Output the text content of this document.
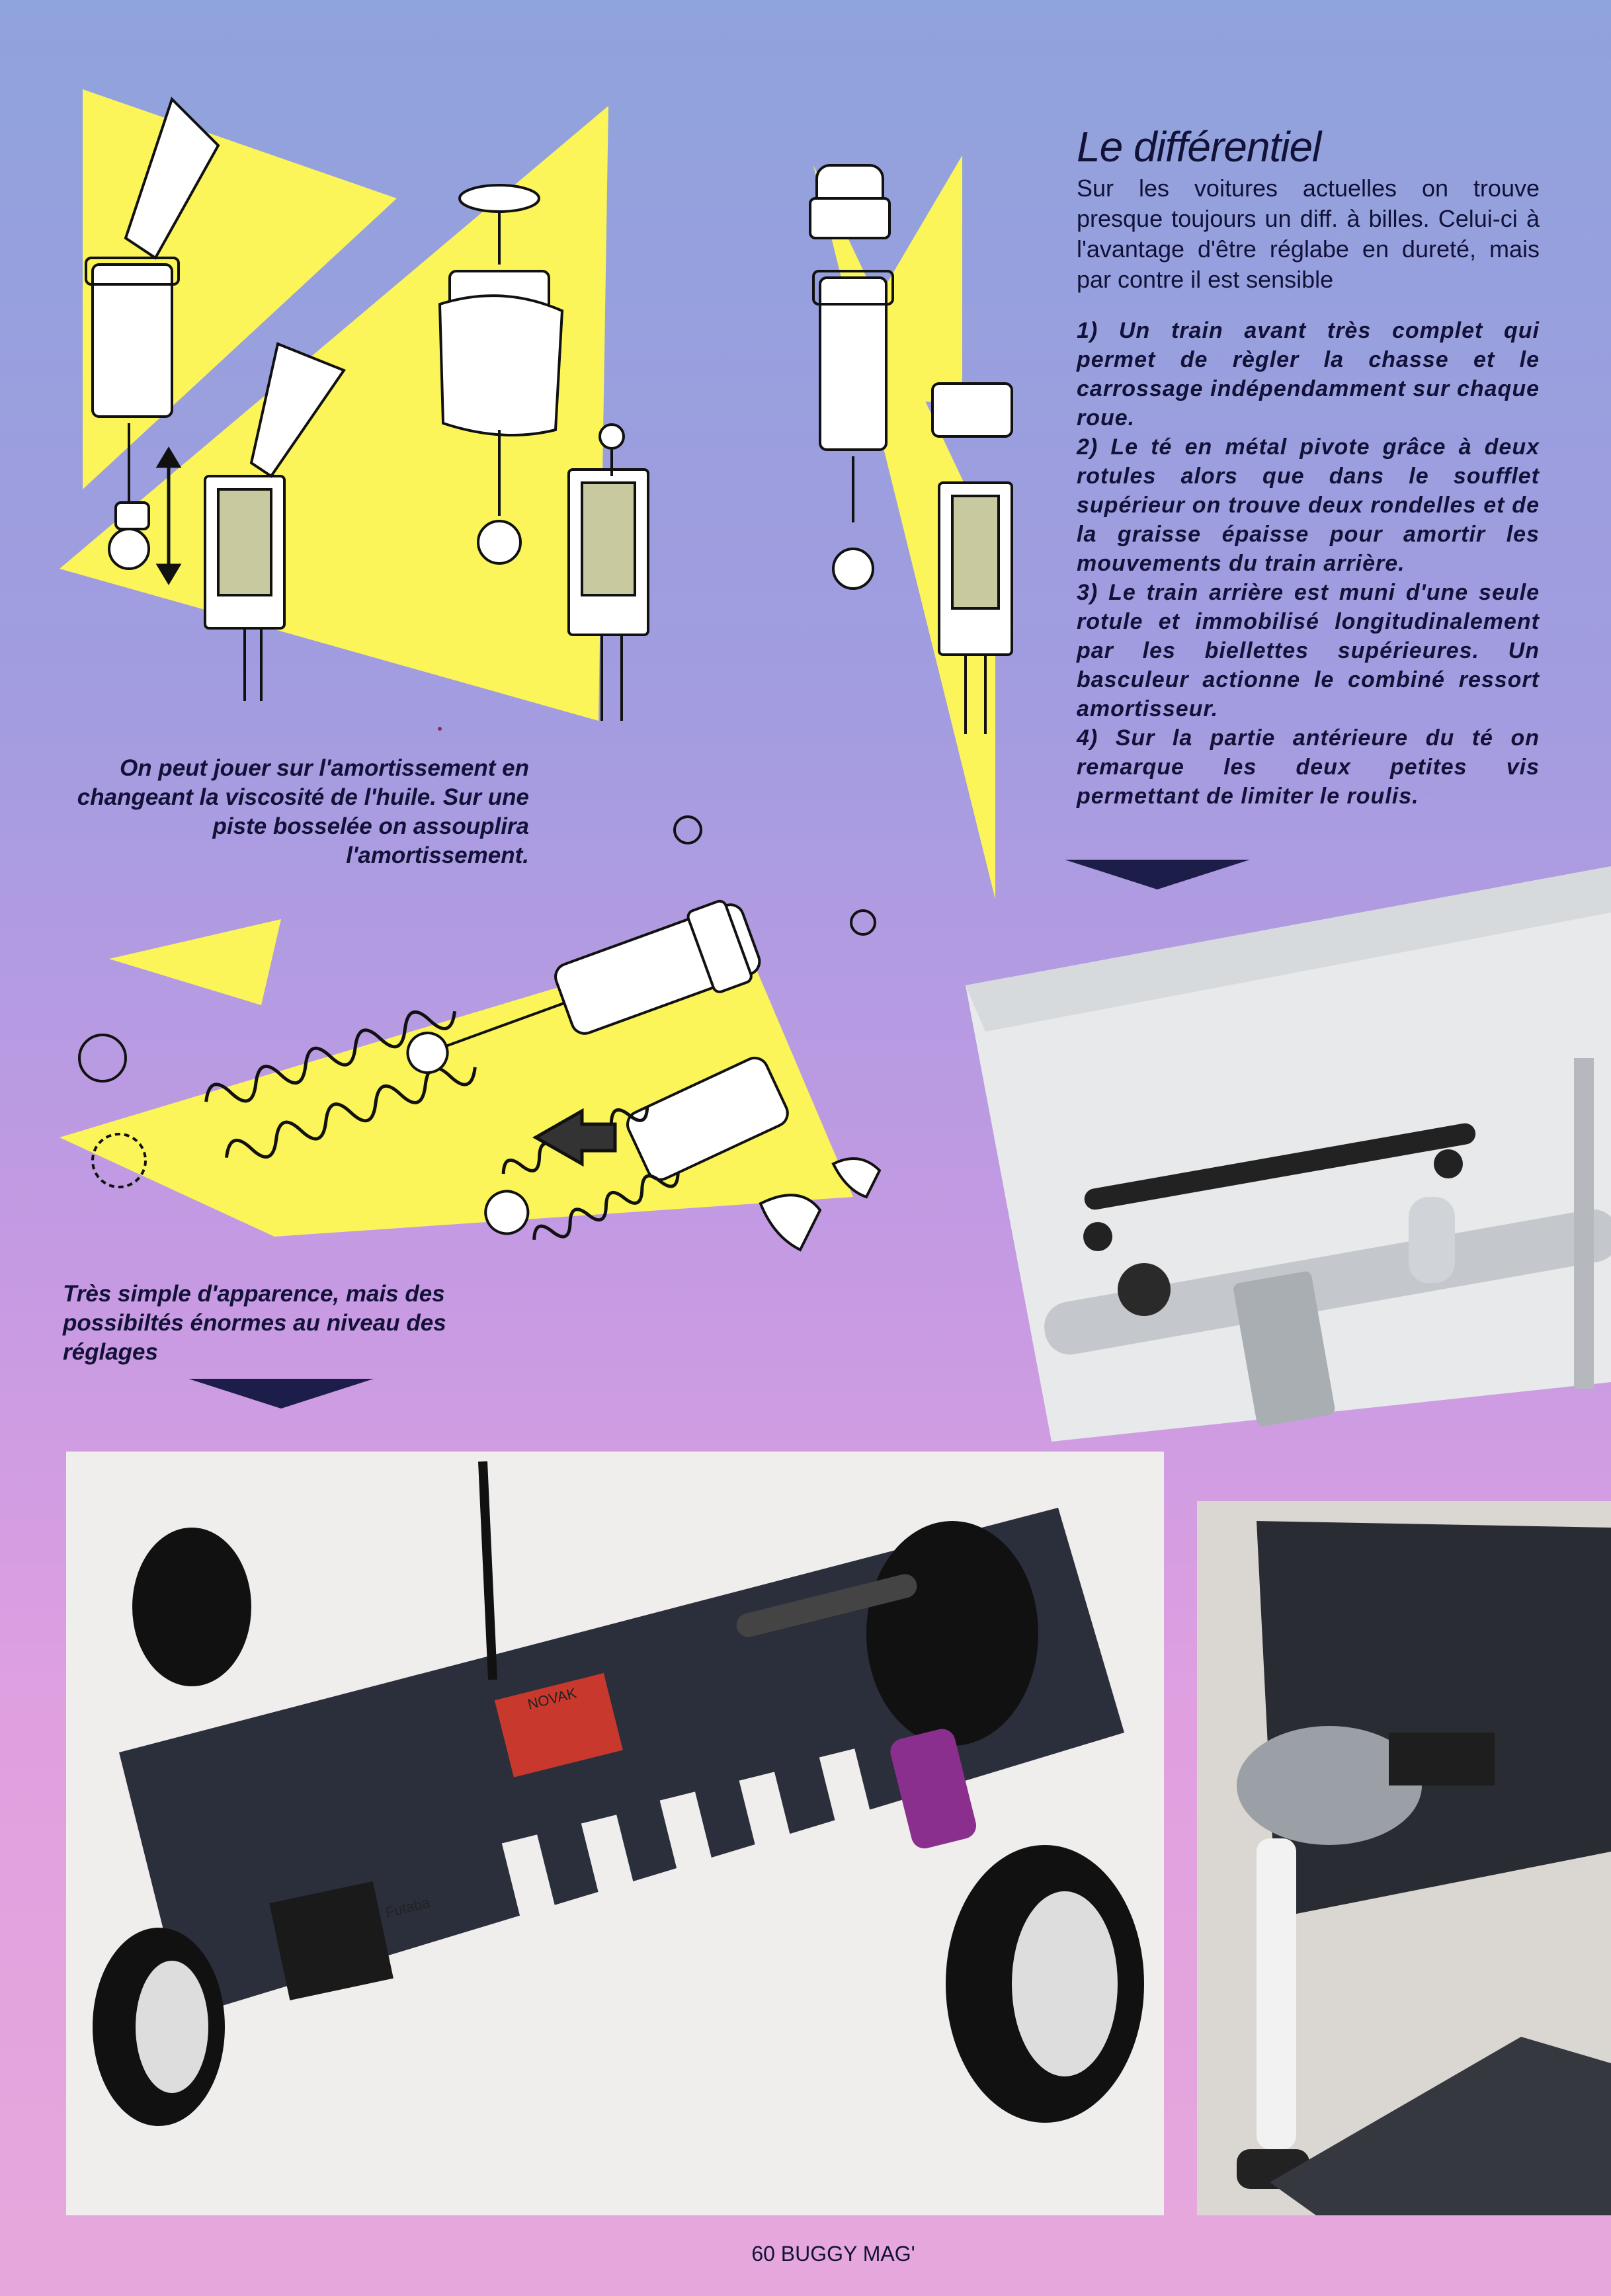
NOVAK
Futaba
Le différentiel
Sur les voitures actuelles on trouve presque toujours un diff. à billes. Celui-ci à l'avantage d'être réglabe en dureté, mais par contre il est sensible

1) Un train avant très complet qui permet de règler la chasse et le carrossage indépendamment sur chaque roue.

2) Le té en métal pivote grâce à deux rotules alors que dans le soufflet supérieur on trouve deux rondelles et de la graisse épaisse pour amortir les mouvements du train arrière.

3) Le train arrière est muni d'une seule rotule et immobilisé longitudinalement par les biellettes supérieures. Un basculeur actionne le combiné ressort amortisseur.

4) Sur la partie antérieure du té on remarque les deux petites vis permettant de limiter le roulis.

On peut jouer sur l'amortissement en changeant la viscosité de l'huile. Sur une piste bosselée on assouplira l'amortissement.
Très simple d'apparence, mais des possibiltés énormes au niveau des réglages
60 BUGGY MAG'
